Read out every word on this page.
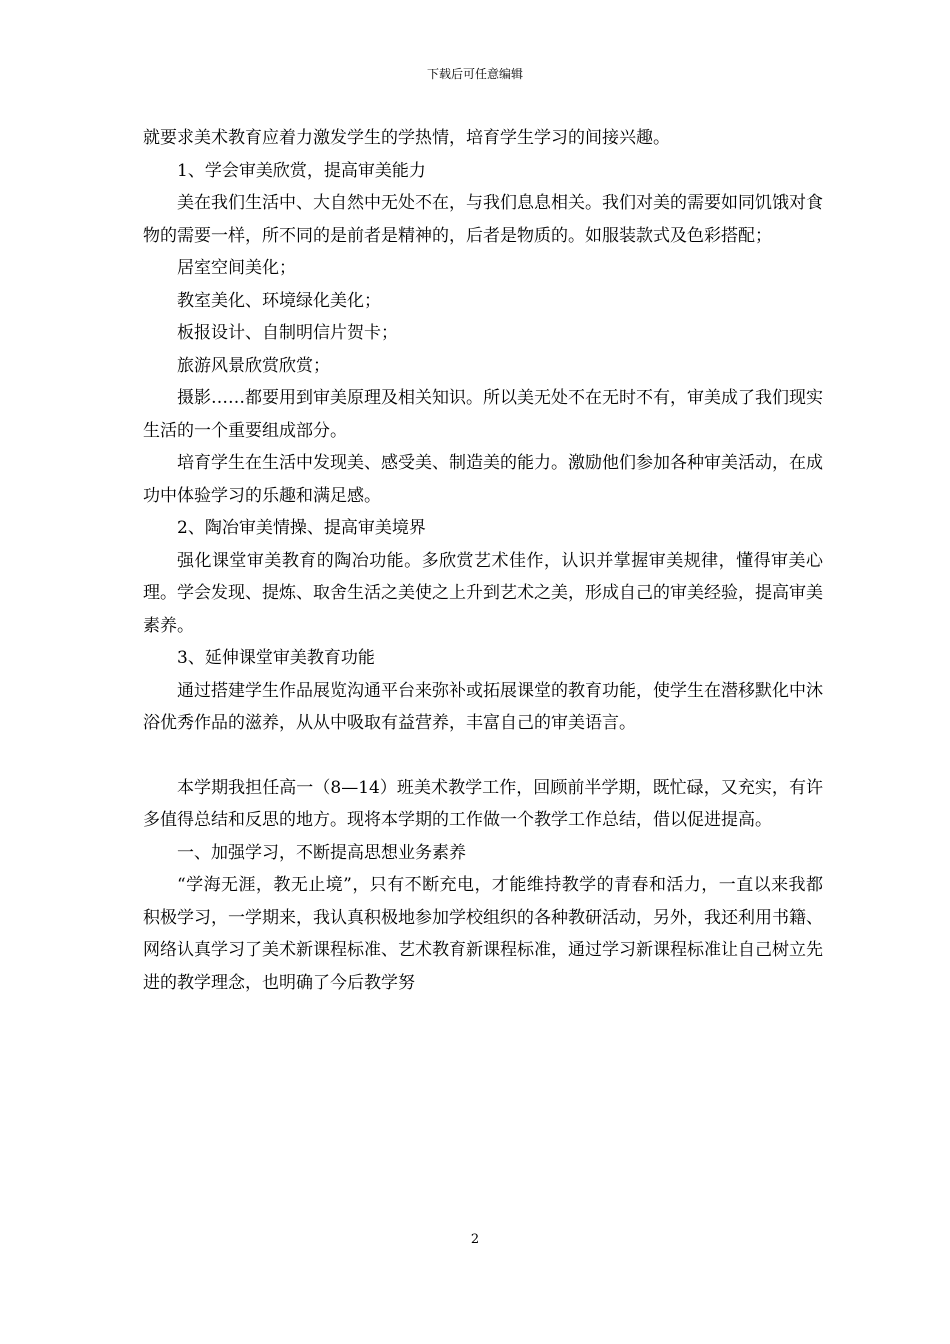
下载后可任意编辑

就要求美术教育应着力激发学生的学热情，培育学生学习的间接兴趣。

1、学会审美欣赏，提高审美能力

美在我们生活中、大自然中无处不在，与我们息息相关。我们对美的需要如同饥饿对食物的需要一样，所不同的是前者是精神的，后者是物质的。如服装款式及色彩搭配；

居室空间美化；

教室美化、环境绿化美化；

板报设计、自制明信片贺卡；

旅游风景欣赏欣赏；

摄影……都要用到审美原理及相关知识。所以美无处不在无时不有，审美成了我们现实生活的一个重要组成部分。

培育学生在生活中发现美、感受美、制造美的能力。激励他们参加各种审美活动，在成功中体验学习的乐趣和满足感。

2、陶冶审美情操、提高审美境界

强化课堂审美教育的陶冶功能。多欣赏艺术佳作，认识并掌握审美规律，懂得审美心理。学会发现、提炼、取舍生活之美使之上升到艺术之美，形成自己的审美经验，提高审美素养。

3、延伸课堂审美教育功能

通过搭建学生作品展览沟通平台来弥补或拓展课堂的教育功能，使学生在潜移默化中沐浴优秀作品的滋养，从从中吸取有益营养，丰富自己的审美语言。

本学期我担任高一（8—14）班美术教学工作，回顾前半学期，既忙碌，又充实，有许多值得总结和反思的地方。现将本学期的工作做一个教学工作总结，借以促进提高。

一、加强学习，不断提高思想业务素养

“学海无涯，教无止境”，只有不断充电，才能维持教学的青春和活力，一直以来我都积极学习，一学期来，我认真积极地参加学校组织的各种教研活动，另外，我还利用书籍、网络认真学习了美术新课程标准、艺术教育新课程标准，通过学习新课程标准让自己树立先进的教学理念，也明确了今后教学努

2
